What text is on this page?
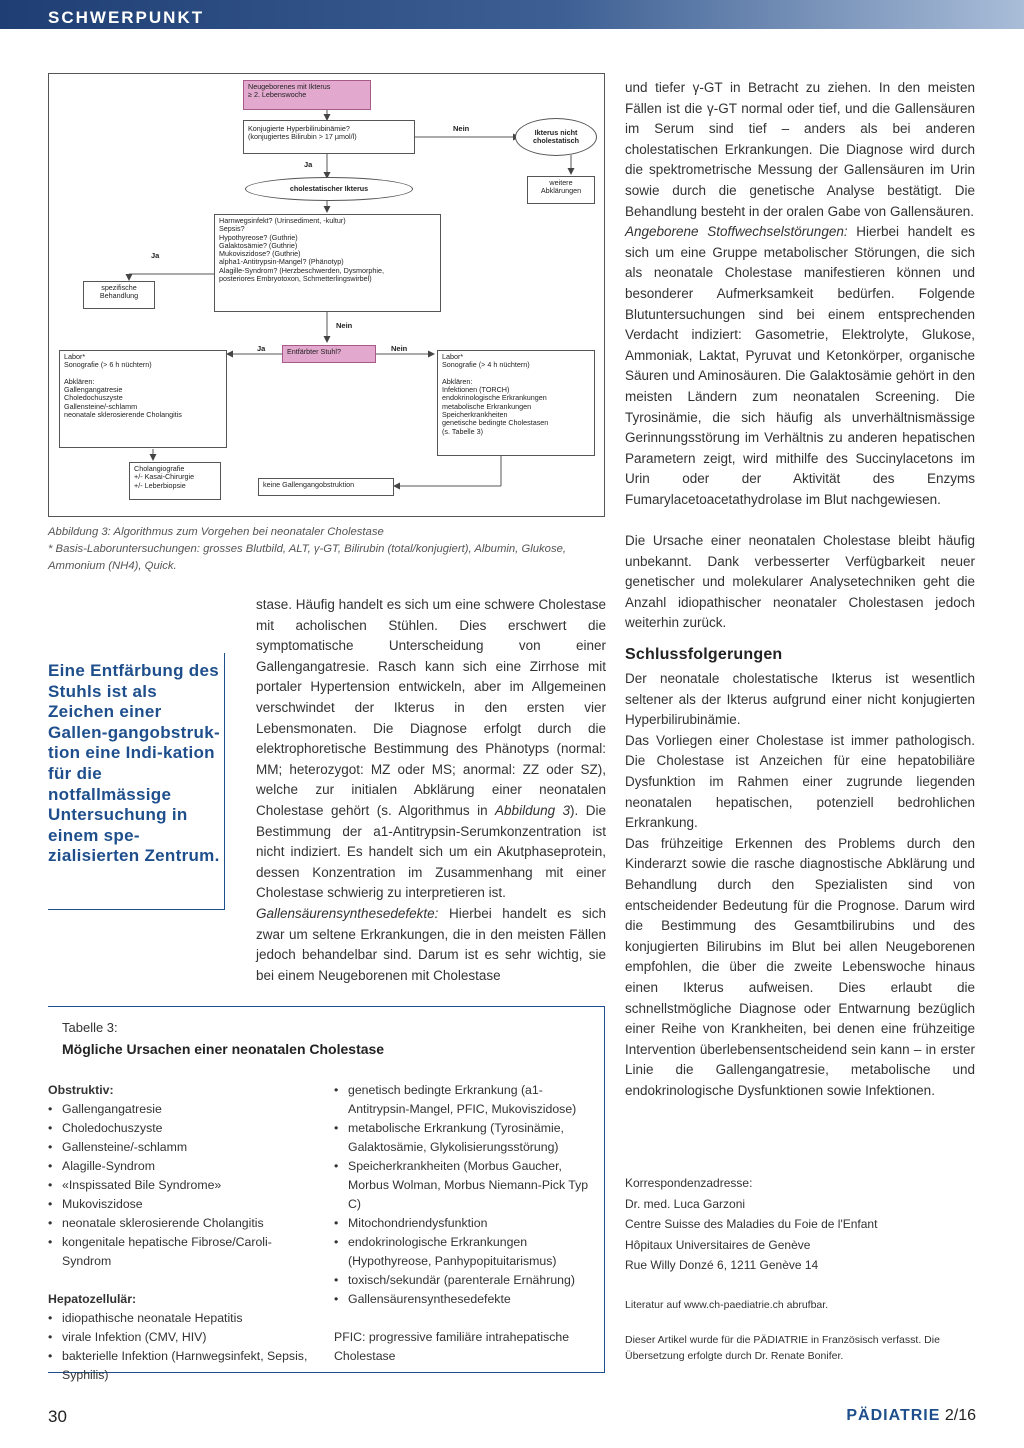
SCHWERPUNKT
Neugeborenes mit Ikterus
≥ 2. Lebenswoche
Konjugierte Hyperbilirubinämie?
(konjugiertes Bilirubin > 17 µmol/l)
Nein	Ikterus nicht
cholestatisch
weitere
Abklärungen
Ja
cholestatischer Ikterus
Harnwegsinfekt? (Urinsediment, -kultur)
Sepsis?
Hypothyreose? (Guthrie)
Galaktosämie? (Guthrie)
Mukoviszidose? (Guthrie)
alpha1-Antitrypsin-Mangel? (Phänotyp)
Alagille-Syndrom? (Herzbeschwerden, Dysmorphie,
posteriores Embryotoxon, Schmetterlingswirbel)
Ja
spezifische
Behandlung
Nein
Entfärbter Stuhl?
Ja	Nein
Labor*
Sonografie (> 6 h nüchtern)

Abklären:
Gallengangatresie
Choledochuszyste
Gallensteine/-schlamm
neonatale sklerosierende Cholangitis
Labor*
Sonografie (> 4 h nüchtern)

Abklären:
Infektionen (TORCH)
endokrinologische Erkrankungen
metabolische Erkrankungen
Speicherkrankheiten
genetische bedingte Cholestasen
(s. Tabelle 3)
Cholangiografie
+/- Kasai-Chirurgie
+/- Leberbiopsie	keine Gallengangobstruktion
Abbildung 3: Algorithmus zum Vorgehen bei neonataler Cholestase
* Basis-Laboruntersuchungen: grosses Blutbild, ALT, γ-GT, Bilirubin (total/konjugiert), Albumin, Glukose, Ammonium (NH4), Quick.
Eine Entfärbung des Stuhls ist als Zeichen einer Gallen-gangobstruk-tion eine Indi-kation für die notfallmässige Untersuchung in einem spe-zialisierten Zentrum.

stase. Häufig handelt es sich um eine schwere Cholestase mit acholischen Stühlen. Dies erschwert die symptomatische Unterscheidung von einer Gallengangatresie. Rasch kann sich eine Zirrhose mit portaler Hypertension entwickeln, aber im Allgemeinen verschwindet der Ikterus in den ersten vier Lebensmonaten. Die Diagnose erfolgt durch die elektrophoretische Bestimmung des Phänotyps (normal: MM; heterozygot: MZ oder MS; anormal: ZZ oder SZ), welche zur initialen Abklärung einer neonatalen Cholestase gehört (s. Algorithmus in Abbildung 3). Die Bestimmung der a1-Antitrypsin-Serumkonzentration ist nicht indiziert. Es handelt sich um ein Akutphaseprotein, dessen Konzentration im Zusammenhang mit einer Cholestase schwierig zu interpretieren ist.

Gallensäurensynthesedefekte: Hierbei handelt es sich zwar um seltene Erkrankungen, die in den meisten Fällen jedoch behandelbar sind. Darum ist es sehr wichtig, sie bei einem Neugeborenen mit Cholestase

und tiefer γ-GT in Betracht zu ziehen. In den meisten Fällen ist die γ-GT normal oder tief, und die Gallensäuren im Serum sind tief – anders als bei anderen cholestatischen Erkrankungen. Die Diagnose wird durch die spektrometrische Messung der Gallensäuren im Urin sowie durch die genetische Analyse bestätigt. Die Behandlung besteht in der oralen Gabe von Gallensäuren.

Angeborene Stoffwechselstörungen: Hierbei handelt es sich um eine Gruppe metabolischer Störungen, die sich als neonatale Cholestase manifestieren können und besonderer Aufmerksamkeit bedürfen. Folgende Blutuntersuchungen sind bei einem entsprechenden Verdacht indiziert: Gasometrie, Elektrolyte, Glukose, Ammoniak, Laktat, Pyruvat und Ketonkörper, organische Säuren und Aminosäuren. Die Galaktosämie gehört in den meisten Ländern zum neonatalen Screening. Die Tyrosinämie, die sich häufig als unverhältnismässige Gerinnungsstörung im Verhältnis zu anderen hepatischen Parametern zeigt, wird mithilfe des Succinylacetons im Urin oder der Aktivität des Enzyms Fumarylacetoacetathydrolase im Blut nachgewiesen.

Die Ursache einer neonatalen Cholestase bleibt häufig unbekannt. Dank verbesserter Verfügbarkeit neuer genetischer und molekularer Analysetechniken geht die Anzahl idiopathischer neonataler Cholestasen jedoch weiterhin zurück.

Schlussfolgerungen

Der neonatale cholestatische Ikterus ist wesentlich seltener als der Ikterus aufgrund einer nicht konjugierten Hyperbilirubinämie.

Das Vorliegen einer Cholestase ist immer pathologisch. Die Cholestase ist Anzeichen für eine hepatobiliäre Dysfunktion im Rahmen einer zugrunde liegenden neonatalen hepatischen, potenziell bedrohlichen Erkrankung.

Das frühzeitige Erkennen des Problems durch den Kinderarzt sowie die rasche diagnostische Abklärung und Behandlung durch den Spezialisten sind von entscheidender Bedeutung für die Prognose. Darum wird die Bestimmung des Gesamtbilirubins und des konjugierten Bilirubins im Blut bei allen Neugeborenen empfohlen, die über die zweite Lebenswoche hinaus einen Ikterus aufweisen. Dies erlaubt die schnellstmögliche Diagnose oder Entwarnung bezüglich einer Reihe von Krankheiten, bei denen eine frühzeitige Intervention überlebensentscheidend sein kann – in erster Linie die Gallengangatresie, metabolische und endokrinologische Dysfunktionen sowie Infektionen.

Korrespondenzadresse:
Dr. med. Luca Garzoni
Centre Suisse des Maladies du Foie de l'Enfant
Hôpitaux Universitaires de Genève
Rue Willy Donzé 6, 1211 Genève 14
Literatur auf www.ch-paediatrie.ch abrufbar.
Dieser Artikel wurde für die PÄDIATRIE in Französisch verfasst. Die Übersetzung erfolgte durch Dr. Renate Bonifer.
Tabelle 3:
Mögliche Ursachen einer neonatalen Cholestase
Obstruktiv:
• Gallengangatresie
• Choledochuszyste
• Gallensteine/-schlamm
• Alagille-Syndrom
• «Inspissated Bile Syndrome»
• Mukoviszidose
• neonatale sklerosierende Cholangitis
• kongenitale hepatische Fibrose/Caroli-Syndrom
Hepatozellulär:
• idiopathische neonatale Hepatitis
• virale Infektion (CMV, HIV)
• bakterielle Infektion (Harnwegsinfekt, Sepsis, Syphilis)
• genetisch bedingte Erkrankung (a1-Antitrypsin-Mangel, PFIC, Mukoviszidose)
• metabolische Erkrankung (Tyrosinämie, Galaktosämie, Glykolisierungsstörung)
• Speicherkrankheiten (Morbus Gaucher, Morbus Wolman, Morbus Niemann-Pick Typ C)
• Mitochondriendysfunktion
• endokrinologische Erkrankungen (Hypothyreose, Panhypopituitarismus)
• toxisch/sekundär (parenterale Ernährung)
• Gallensäurensynthesedefekte
PFIC: progressive familiäre intrahepatische Cholestase
30	PÄDIATRIE 2/16
